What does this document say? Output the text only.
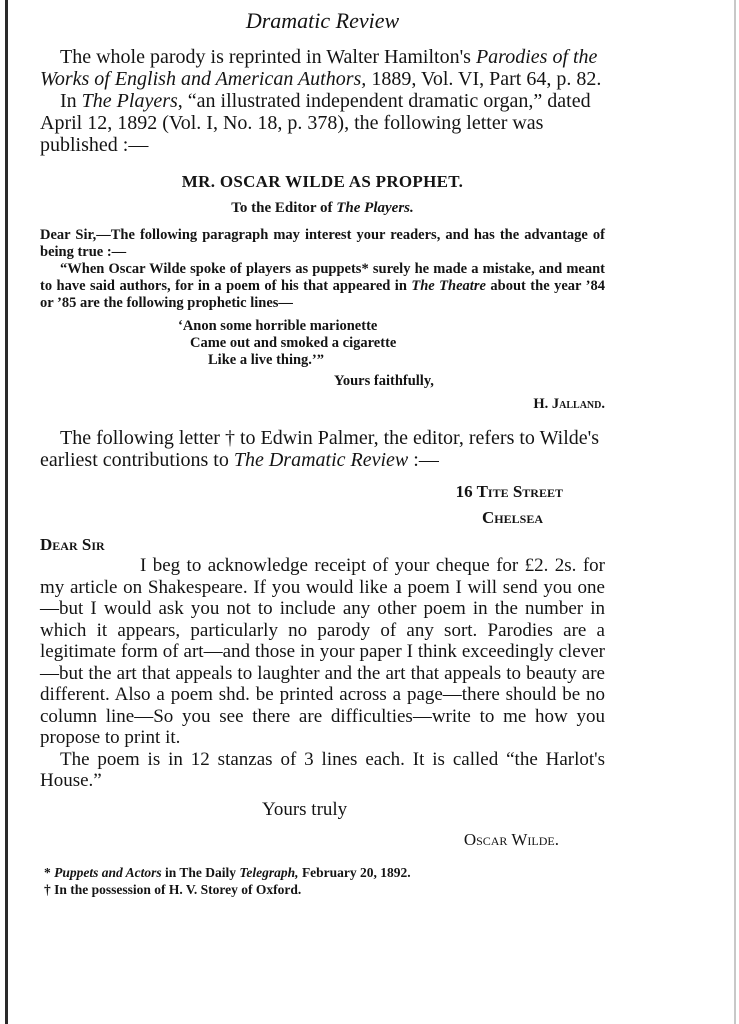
Dramatic Review

The whole parody is reprinted in Walter Hamilton's Parodies of the Works of English and American Authors, 1889, Vol. VI, Part 64, p. 82.

In The Players, “an illustrated independent dramatic organ,” dated April 12, 1892 (Vol. I, No. 18, p. 378), the following letter was published :—

MR. OSCAR WILDE AS PROPHET.
To the Editor of The Players.

Dear Sir,—The following paragraph may interest your readers, and has the advantage of being true :—

“When Oscar Wilde spoke of players as puppets* surely he made a mistake, and meant to have said authors, for in a poem of his that appeared in The Theatre about the year ’84 or ’85 are the following prophetic lines—

‘Anon some horrible marionette
Came out and smoked a cigarette
Like a live thing.’”
Yours faithfully,
H. Jalland.

The following letter † to Edwin Palmer, the editor, refers to Wilde's earliest contributions to The Dramatic Review :—

16 Tite Street
Chelsea
Dear Sir

I beg to acknowledge receipt of your cheque for £2. 2s. for my article on Shakespeare. If you would like a poem I will send you one—but I would ask you not to include any other poem in the number in which it appears, particularly no parody of any sort. Parodies are a legitimate form of art—and those in your paper I think exceedingly clever—but the art that appeals to laughter and the art that appeals to beauty are different. Also a poem shd. be printed across a page—there should be no column line—So you see there are difficulties—write to me how you propose to print it.

The poem is in 12 stanzas of 3 lines each. It is called “the Harlot's House.”

Yours truly
Oscar Wilde.
* Puppets and Actors in The Daily Telegraph, February 20, 1892.
† In the possession of H. V. Storey of Oxford.
